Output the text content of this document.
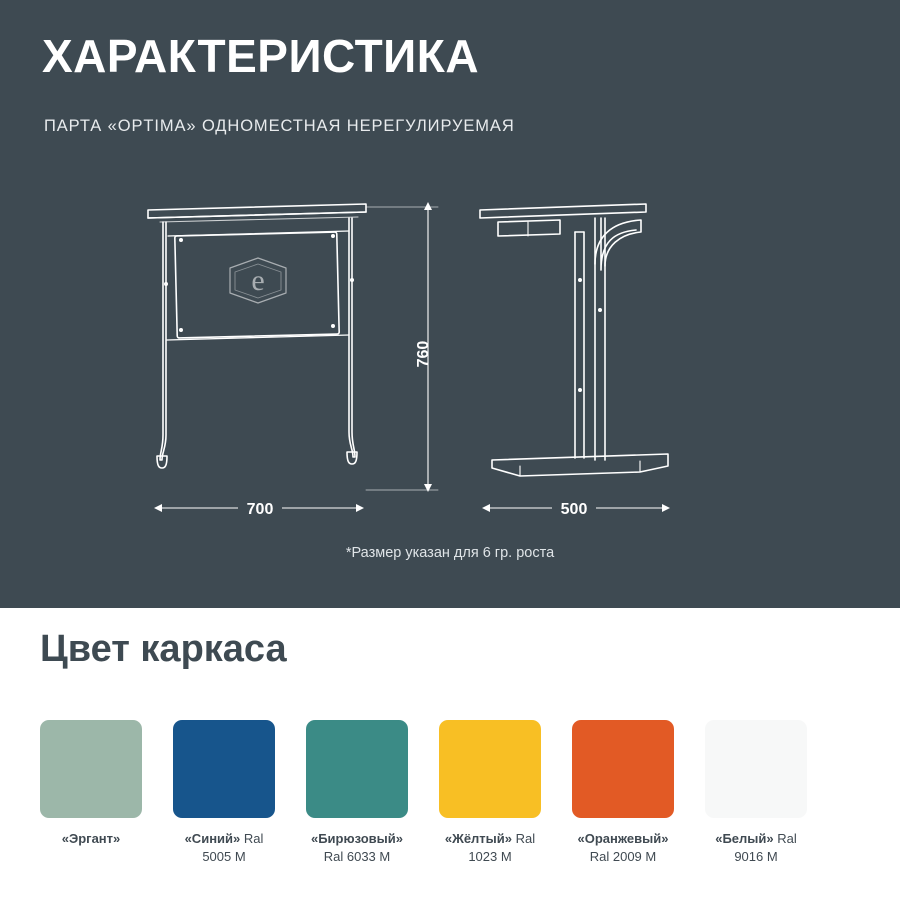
ХАРАКТЕРИСТИКА
ПАРТА «OPTIMA» ОДНОМЕСТНАЯ НЕРЕГУЛИРУЕМАЯ
e
760
700	500
*Размер указан для 6 гр. роста
Цвет каркаса
«Эргант»	«Синий» Ral 5005 М
«Бирюзовый» Ral 6033 М
«Жёлтый» Ral 1023 М
«Оранжевый» Ral 2009 М
«Белый» Ral 9016 М
